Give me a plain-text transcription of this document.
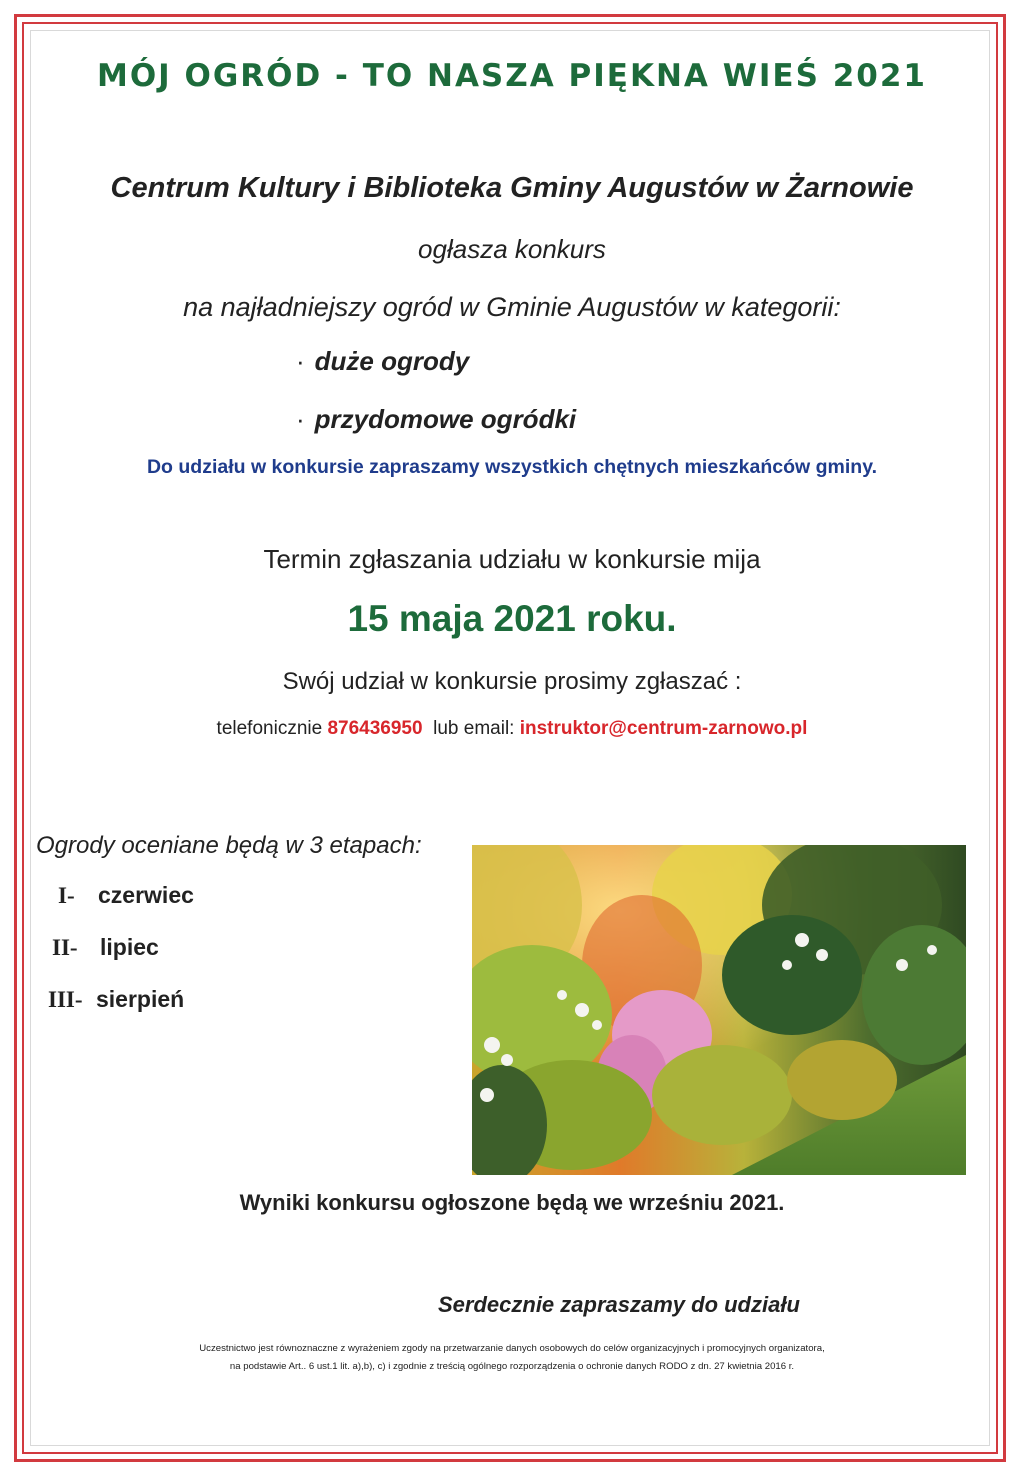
MÓJ OGRÓD - TO NASZA PIĘKNA WIEŚ 2021
Centrum Kultury i Biblioteka Gminy Augustów w Żarnowie
ogłasza konkurs
na najładniejszy ogród w Gminie Augustów w kategorii:
· duże ogrody
· przydomowe ogródki
Do udziału w konkursie zapraszamy wszystkich chętnych mieszkańców gminy.
Termin zgłaszania udziału w konkursie mija
15 maja 2021 roku.
Swój udział w konkursie prosimy zgłaszać :
telefonicznie 876436950 lub email: instruktor@centrum-zarnowo.pl
Ogrody oceniane będą w 3 etapach:
I- czerwiec
II- lipiec
III- sierpień
Wyniki konkursu ogłoszone będą we wrześniu 2021.
Serdecznie zapraszamy do udziału
Uczestnictwo jest równoznaczne z wyrażeniem zgody na przetwarzanie danych osobowych do celów organizacyjnych i promocyjnych organizatora,
na podstawie Art.. 6 ust.1 lit. a),b), c) i zgodnie z treścią ogólnego rozporządzenia o ochronie danych RODO z dn. 27 kwietnia 2016 r.
